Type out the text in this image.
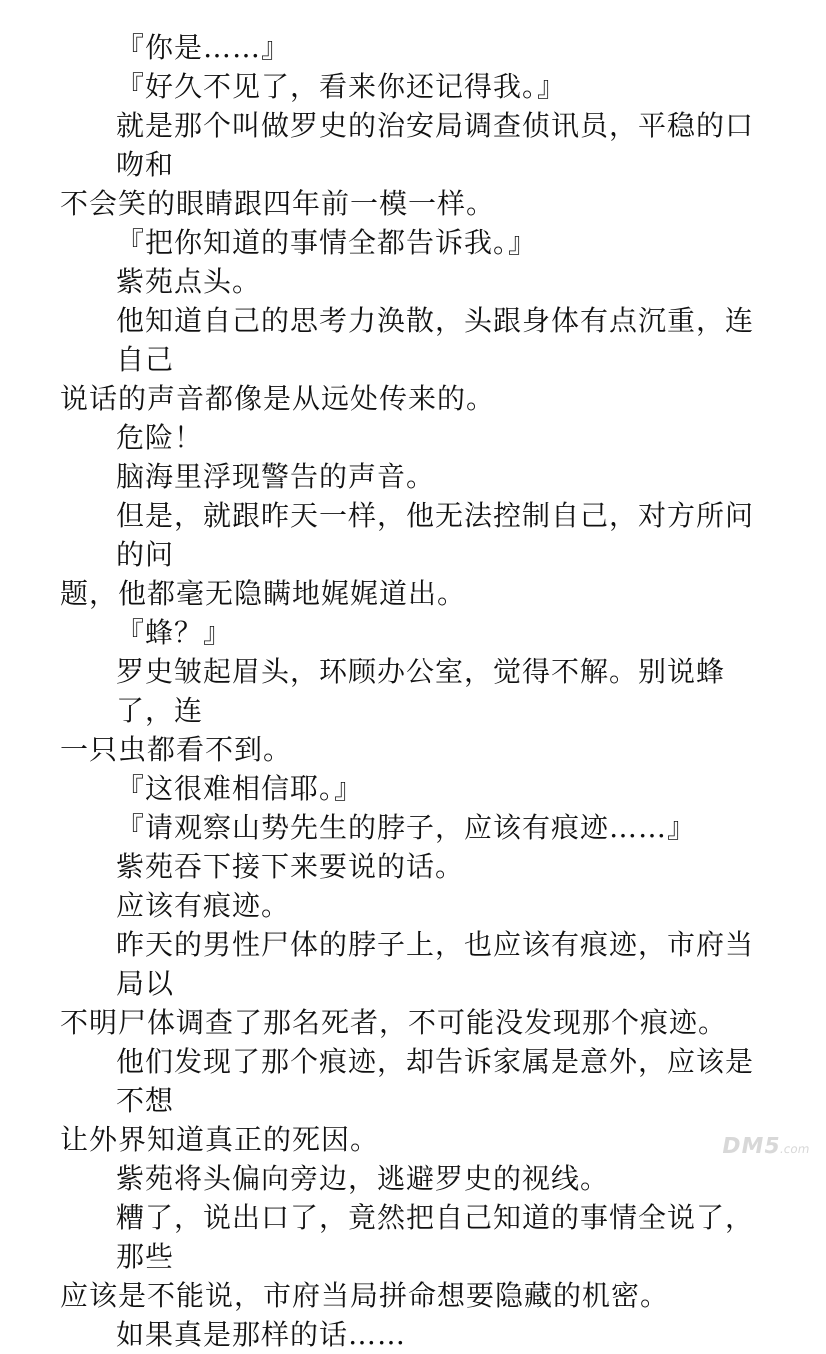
『你是……』

『好久不见了，看来你还记得我。』

就是那个叫做罗史的治安局调查侦讯员，平稳的口吻和
不会笑的眼睛跟四年前一模一样。

『把你知道的事情全都告诉我。』

紫苑点头。

他知道自己的思考力涣散，头跟身体有点沉重，连自己
说话的声音都像是从远处传来的。

危险！

脑海里浮现警告的声音。

但是，就跟昨天一样，他无法控制自己，对方所问的问
题，他都毫无隐瞒地娓娓道出。

『蜂？』

罗史皱起眉头，环顾办公室，觉得不解。别说蜂了，连
一只虫都看不到。

『这很难相信耶。』

『请观察山势先生的脖子，应该有痕迹……』

紫苑吞下接下来要说的话。

应该有痕迹。

昨天的男性尸体的脖子上，也应该有痕迹，市府当局以
不明尸体调查了那名死者，不可能没发现那个痕迹。

他们发现了那个痕迹，却告诉家属是意外，应该是不想
让外界知道真正的死因。

紫苑将头偏向旁边，逃避罗史的视线。

糟了，说出口了，竟然把自己知道的事情全说了，那些
应该是不能说，市府当局拼命想要隐藏的机密。

如果真是那样的话……

DM5.com
